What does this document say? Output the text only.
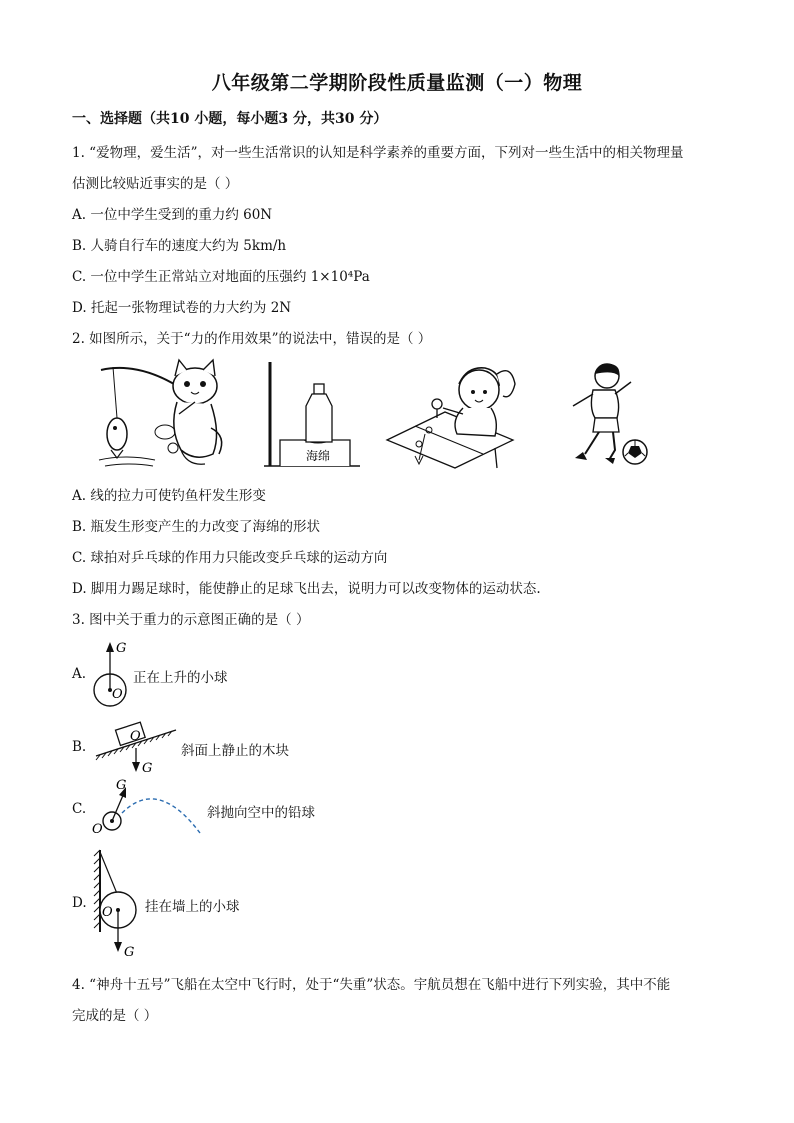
八年级第二学期阶段性质量监测（一）物理
一、选择题（共10 小题，每小题3 分，共30 分）
1. “爱物理，爱生活”，对一些生活常识的认知是科学素养的重要方面，下列对一些生活中的相关物理量
估测比较贴近事实的是（ ）
A. 一位中学生受到的重力约 60N
B. 人骑自行车的速度大约为 5km/h
C. 一位中学生正常站立对地面的压强约 1×10⁴Pa
D. 托起一张物理试卷的力大约为 2N
2. 如图所示，关于“力的作用效果”的说法中，错误的是（ ）
海绵
A. 线的拉力可使钓鱼杆发生形变
B. 瓶发生形变产生的力改变了海绵的形状
C. 球拍对乒乓球的作用力只能改变乒乓球的运动方向
D. 脚用力踢足球时，能使静止的足球飞出去，说明力可以改变物体的运动状态.
3. 图中关于重力的示意图正确的是（ ）
A.
G
O
正在上升的小球
B.
O
G
斜面上静止的木块
C.
G
O
斜抛向空中的铅球
D.
G
O 挂在墙上的小球
4. “神舟十五号”飞船在太空中飞行时，处于“失重”状态。宇航员想在飞船中进行下列实验，其中不能
完成的是（ ）
